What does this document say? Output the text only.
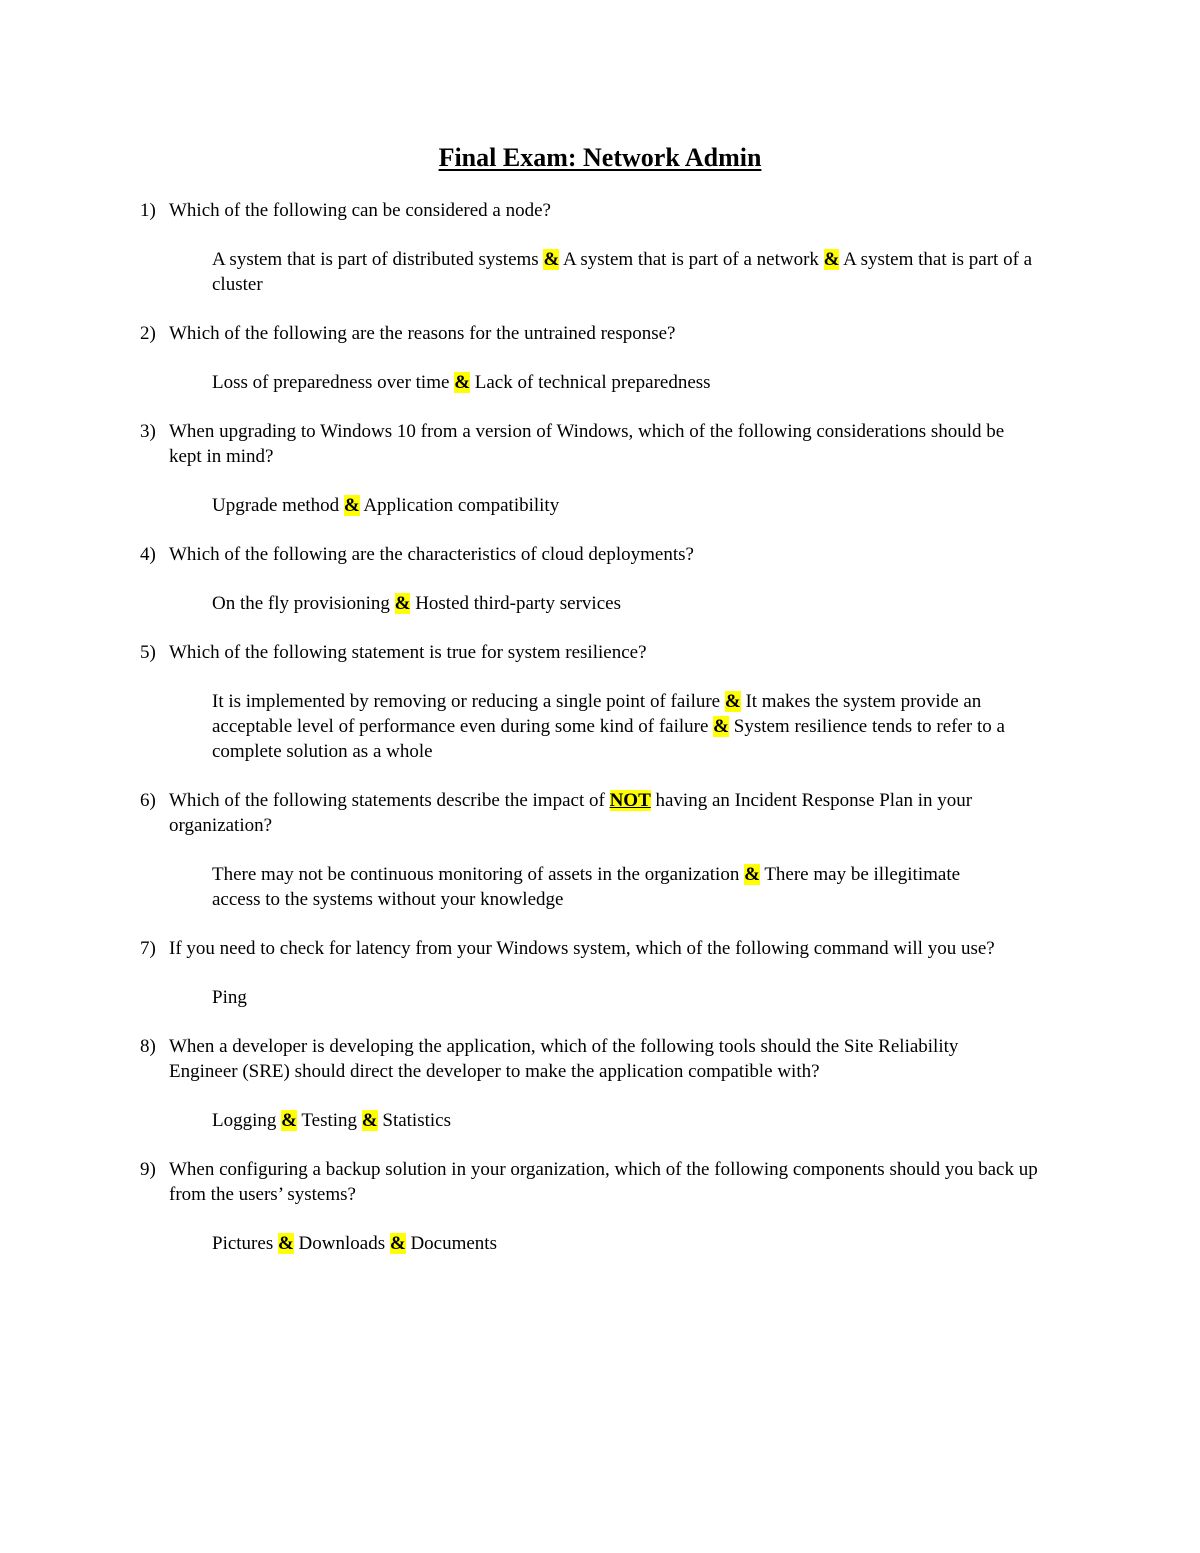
Final Exam: Network Admin
1) Which of the following can be considered a node?
A system that is part of distributed systems & A system that is part of a network & A system that is part of a cluster
2) Which of the following are the reasons for the untrained response?
Loss of preparedness over time & Lack of technical preparedness
3) When upgrading to Windows 10 from a version of Windows, which of the following considerations should be kept in mind?
Upgrade method & Application compatibility
4) Which of the following are the characteristics of cloud deployments?
On the fly provisioning & Hosted third-party services
5) Which of the following statement is true for system resilience?
It is implemented by removing or reducing a single point of failure & It makes the system provide an acceptable level of performance even during some kind of failure & System resilience tends to refer to a complete solution as a whole
6) Which of the following statements describe the impact of NOT having an Incident Response Plan in your organization?
There may not be continuous monitoring of assets in the organization & There may be illegitimate access to the systems without your knowledge
7) If you need to check for latency from your Windows system, which of the following command will you use?
Ping
8) When a developer is developing the application, which of the following tools should the Site Reliability Engineer (SRE) should direct the developer to make the application compatible with?
Logging & Testing & Statistics
9) When configuring a backup solution in your organization, which of the following components should you back up from the users’ systems?
Pictures & Downloads & Documents
